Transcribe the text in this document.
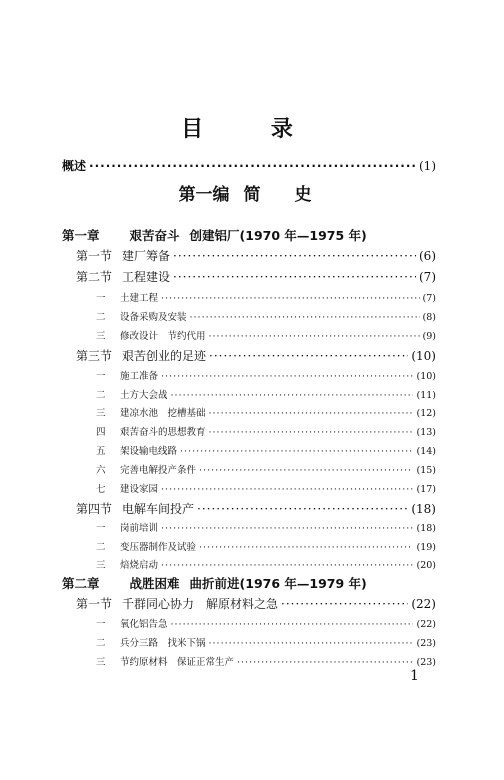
目 录
概述 ·····	(1)
第一编 简 史
第一章 艰苦奋斗 创建铝厂(1970 年—1975 年)
第一节 建厂筹备 ·····	(6)
第二节 工程建设 ·····	(7)
一 土建工程 ·····	(7)
二 设备采购及安装 ·····	(8)
三 修改设计　节约代用 ·····	(9)
第三节 艰苦创业的足迹 ·····	(10)
一 施工准备 ·····	(10)
二 土方大会战 ·····	(11)
三 建凉水池　挖槽基础 ·····	(12)
四 艰苦奋斗的思想教育 ·····	(13)
五 架设输电线路 ·····	(14)
六 完善电解投产条件 ·····	(15)
七 建设家园 ·····	(17)
第四节 电解车间投产 ·····	(18)
一 岗前培训 ·····	(18)
二 变压器制作及试验 ·····	(19)
三 焙烧启动 ·····	(20)
第二章 战胜困难 曲折前进(1976 年—1979 年)
第一节 千群同心协力　解原材料之急 ·····	(22)
一 氧化铝告急 ·····	(22)
二 兵分三路　找米下锅 ·····	(23)
三 节约原材料　保证正常生产 ·····	(23)
1
